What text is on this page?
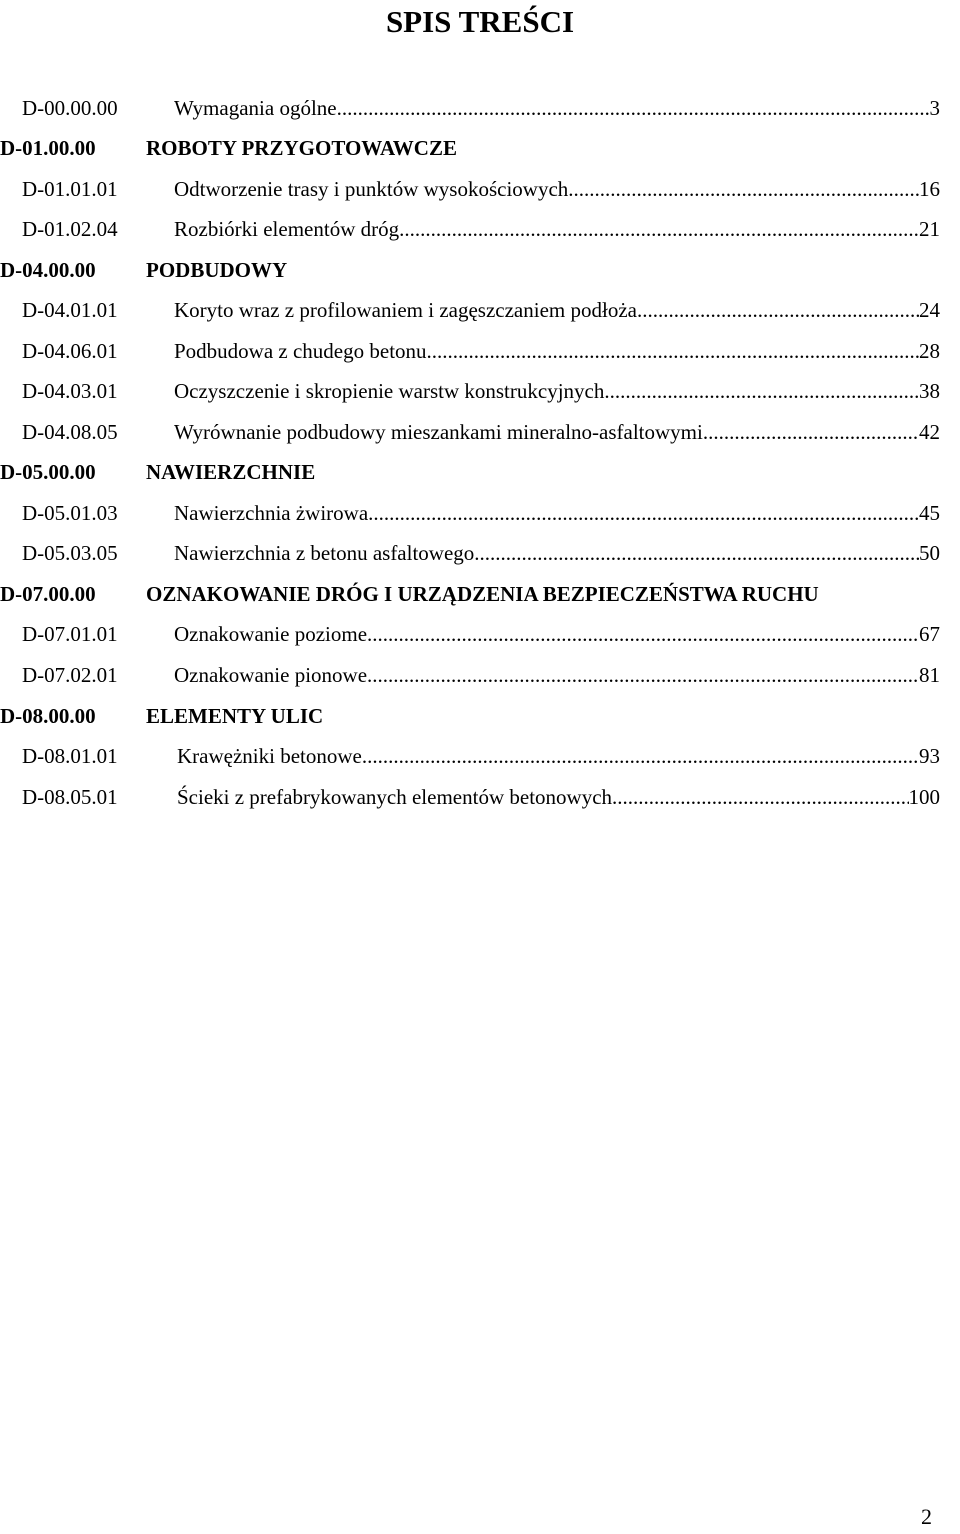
SPIS TREŚCI
D-00.00.00	Wymagania ogólne .....	3
D-01.00.00 ROBOTY PRZYGOTOWAWCZE
D-01.01.01	Odtworzenie trasy i punktów wysokościowych .....	16
D-01.02.04	Rozbiórki elementów dróg .....	21
D-04.00.00 PODBUDOWY
D-04.01.01	Koryto wraz z profilowaniem i zagęszczaniem podłoża .....	24
D-04.06.01	Podbudowa z chudego betonu .....	28
D-04.03.01	Oczyszczenie i skropienie warstw konstrukcyjnych .....	38
D-04.08.05	Wyrównanie podbudowy mieszankami mineralno-asfaltowymi .....	42
D-05.00.00 NAWIERZCHNIE
D-05.01.03	Nawierzchnia żwirowa .....	45
D-05.03.05	Nawierzchnia z betonu asfaltowego .....	50
D-07.00.00 OZNAKOWANIE DRÓG I URZĄDZENIA BEZPIECZEŃSTWA RUCHU
D-07.01.01	Oznakowanie poziome. .....	67
D-07.02.01	Oznakowanie pionowe. .....	81
D-08.00.00 ELEMENTY ULIC
D-08.01.01	Krawężniki betonowe .....	93
D-08.05.01	Ścieki z prefabrykowanych elementów betonowych .....	100
2
